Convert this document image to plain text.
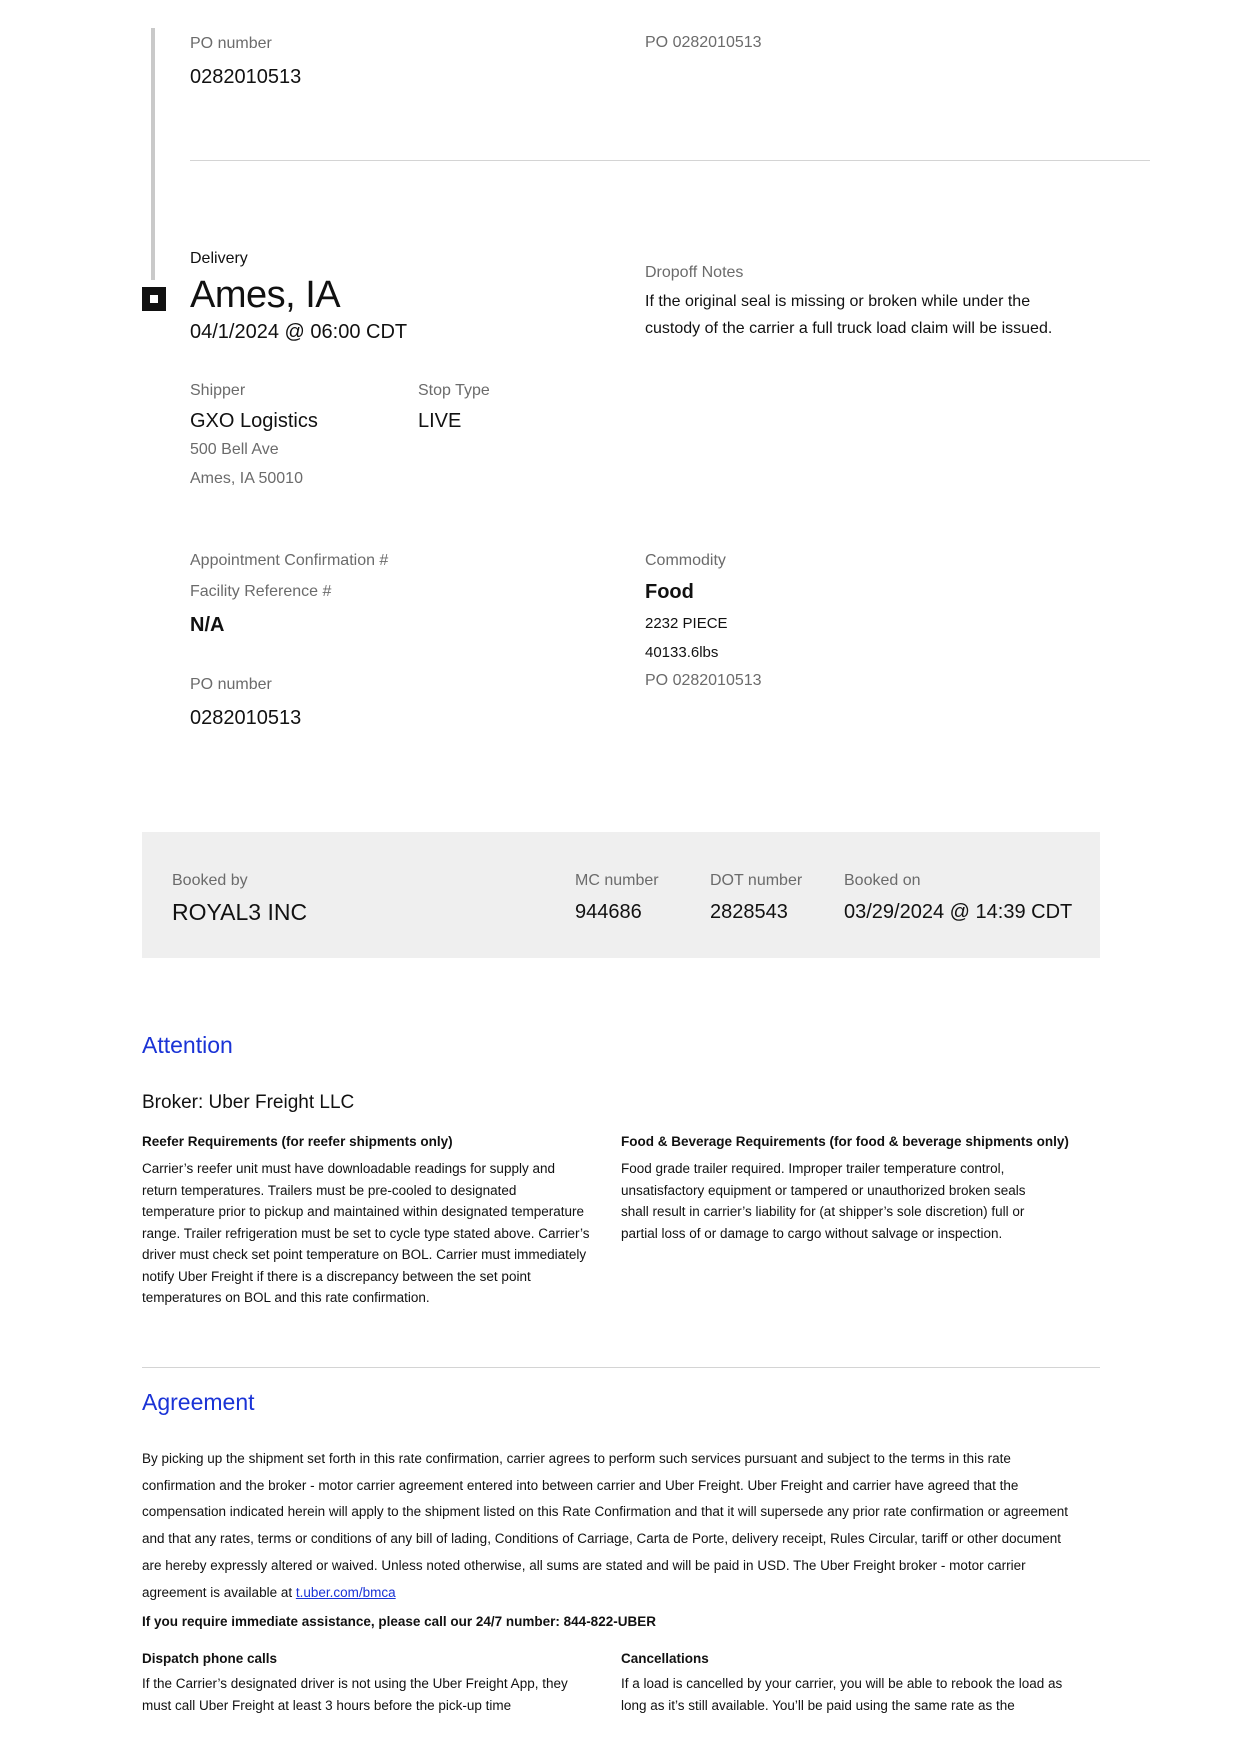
PO number
0282010513
PO 0282010513
Delivery
Ames, IA
04/1/2024 @ 06:00 CDT
Dropoff Notes
If the original seal is missing or broken while under the custody of the carrier a full truck load claim will be issued.
Shipper
GXO Logistics
500 Bell Ave
Ames, IA 50010
Stop Type
LIVE
Appointment Confirmation #
Facility Reference #
N/A
PO number
0282010513
Commodity
Food
2232 PIECE
40133.6lbs
PO 0282010513
Booked by
ROYAL3 INC
MC number
944686
DOT number
2828543
Booked on
03/29/2024 @ 14:39 CDT
Attention
Broker: Uber Freight LLC
Reefer Requirements (for reefer shipments only)
Carrier’s reefer unit must have downloadable readings for supply and return temperatures. Trailers must be pre-cooled to designated temperature prior to pickup and maintained within designated temperature range. Trailer refrigeration must be set to cycle type stated above. Carrier’s driver must check set point temperature on BOL. Carrier must immediately notify Uber Freight if there is a discrepancy between the set point temperatures on BOL and this rate confirmation.
Food & Beverage Requirements (for food & beverage shipments only)
Food grade trailer required. Improper trailer temperature control, unsatisfactory equipment or tampered or unauthorized broken seals shall result in carrier’s liability for (at shipper’s sole discretion) full or partial loss of or damage to cargo without salvage or inspection.
Agreement
By picking up the shipment set forth in this rate confirmation, carrier agrees to perform such services pursuant and subject to the terms in this rate confirmation and the broker - motor carrier agreement entered into between carrier and Uber Freight. Uber Freight and carrier have agreed that the compensation indicated herein will apply to the shipment listed on this Rate Confirmation and that it will supersede any prior rate confirmation or agreement and that any rates, terms or conditions of any bill of lading, Conditions of Carriage, Carta de Porte, delivery receipt, Rules Circular, tariff or other document are hereby expressly altered or waived. Unless noted otherwise, all sums are stated and will be paid in USD. The Uber Freight broker - motor carrier agreement is available at t.uber.com/bmca
If you require immediate assistance, please call our 24/7 number: 844-822-UBER
Dispatch phone calls
If the Carrier’s designated driver is not using the Uber Freight App, they must call Uber Freight at least 3 hours before the pick-up time
Cancellations
If a load is cancelled by your carrier, you will be able to rebook the load as long as it’s still available. You’ll be paid using the same rate as the
